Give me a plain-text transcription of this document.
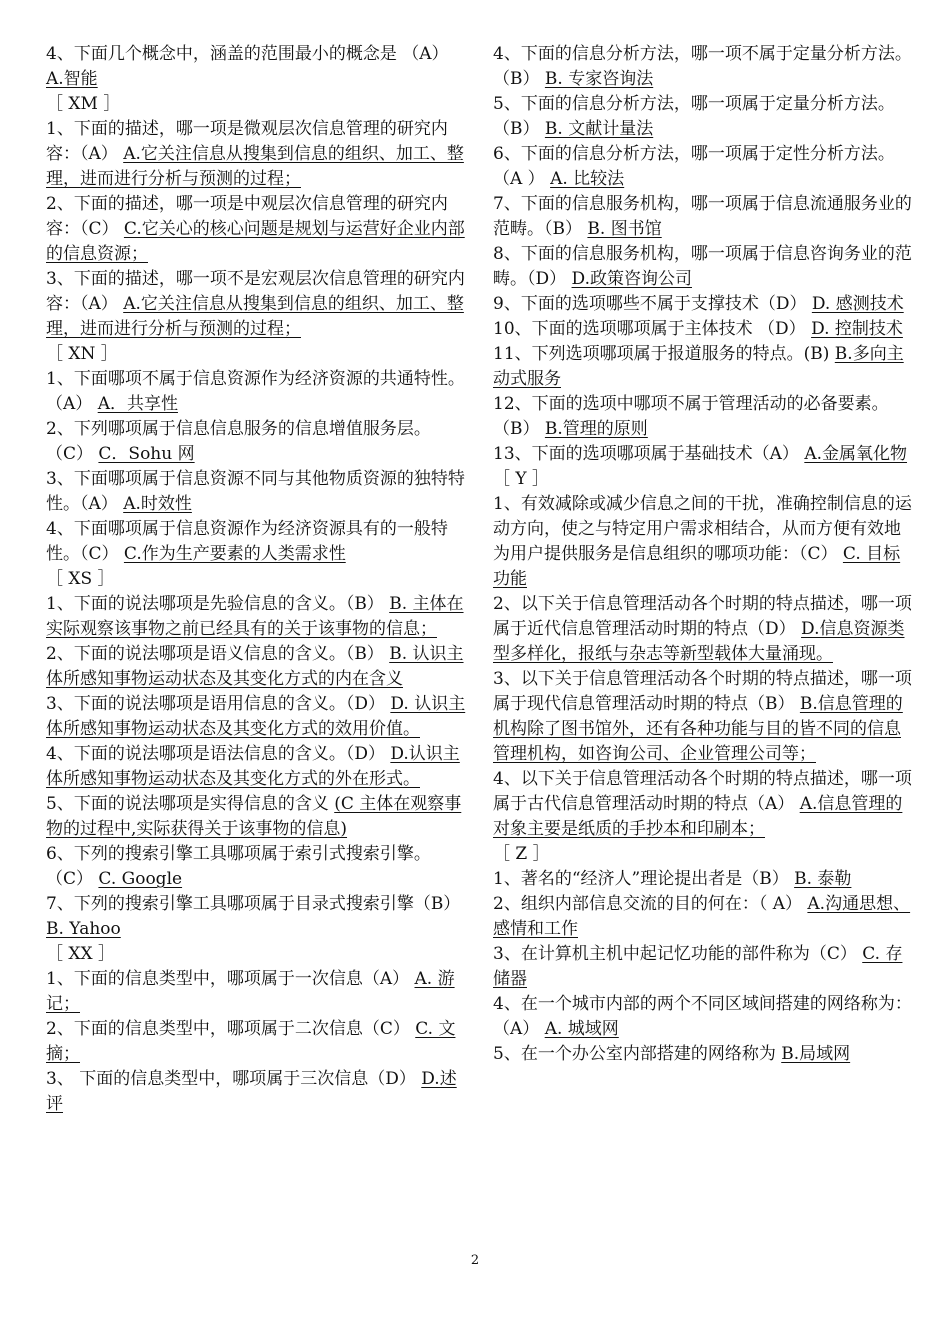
4、下面几个概念中，涵盖的范围最小的概念是 （A） A.智能
［ XM ］
1、下面的描述，哪一项是微观层次信息管理的研究内容：（A） A.它关注信息从搜集到信息的组织、加工、整理，进而进行分析与预测的过程；
2、下面的描述，哪一项是中观层次信息管理的研究内容：（C） C.它关心的核心问题是规划与运营好企业内部的信息资源；
3、下面的描述，哪一项不是宏观层次信息管理的研究内容：（A） A.它关注信息从搜集到信息的组织、加工、整理，进而进行分析与预测的过程；
［ XN ］
1、下面哪项不属于信息资源作为经济资源的共通特性。（A） A．共享性
2、下列哪项属于信息信息服务的信息增值服务层。（C） C．Sohu 网
3、下面哪项属于信息资源不同与其他物质资源的独特特性。（A） A.时效性
4、下面哪项属于信息资源作为经济资源具有的一般特性。（C） C.作为生产要素的人类需求性
［ XS ］
1、下面的说法哪项是先验信息的含义。（B） B. 主体在实际观察该事物之前已经具有的关于该事物的信息；
2、下面的说法哪项是语义信息的含义。（B） B. 认识主体所感知事物运动状态及其变化方式的内在含义
3、下面的说法哪项是语用信息的含义。（D） D. 认识主体所感知事物运动状态及其变化方式的效用价值。
4、下面的说法哪项是语法信息的含义。（D） D.认识主体所感知事物运动状态及其变化方式的外在形式。
5、下面的说法哪项是实得信息的含义 (C 主体在观察事物的过程中,实际获得关于该事物的信息)
6、下列的搜索引擎工具哪项属于索引式搜索引擎。（C） C. Google
7、下列的搜索引擎工具哪项属于目录式搜索引擎（B） B. Yahoo
［ XX ］
1、下面的信息类型中，哪项属于一次信息（A） A. 游记；
2、下面的信息类型中，哪项属于二次信息（C） C. 文摘；
3、 下面的信息类型中，哪项属于三次信息（D） D.述评
4、下面的信息分析方法，哪一项不属于定量分析方法。（B） B. 专家咨询法
5、下面的信息分析方法，哪一项属于定量分析方法。（B） B. 文献计量法
6、下面的信息分析方法，哪一项属于定性分析方法。（A ） A. 比较法
7、下面的信息服务机构，哪一项属于信息流通服务业的范畴。（B） B. 图书馆
8、下面的信息服务机构，哪一项属于信息咨询务业的范畴。（D） D.政策咨询公司
9、下面的选项哪些不属于支撑技术（D） D. 感测技术
10、下面的选项哪项属于主体技术 （D） D. 控制技术
11、下列选项哪项属于报道服务的特点。(B) B.多向主动式服务
12、下面的选项中哪项不属于管理活动的必备要素。（B） B.管理的原则
13、下面的选项哪项属于基础技术（A） A.金属氧化物
［ Y ］
1、有效减除或减少信息之间的干扰，准确控制信息的运动方向，使之与特定用户需求相结合，从而方便有效地为用户提供服务是信息组织的哪项功能：（C） C. 目标功能
2、以下关于信息管理活动各个时期的特点描述，哪一项属于近代信息管理活动时期的特点（D） D.信息资源类型多样化，报纸与杂志等新型载体大量涌现。
3、以下关于信息管理活动各个时期的特点描述，哪一项属于现代信息管理活动时期的特点（B） B.信息管理的机构除了图书馆外，还有各种功能与目的皆不同的信息管理机构，如咨询公司、企业管理公司等；
4、以下关于信息管理活动各个时期的特点描述，哪一项属于古代信息管理活动时期的特点（A） A.信息管理的对象主要是纸质的手抄本和印刷本；
［ Z ］
1、著名的“经济人”理论提出者是（B） B. 泰勒
2、组织内部信息交流的目的何在：（ A） A.沟通思想、感情和工作
3、在计算机主机中起记忆功能的部件称为（C） C. 存储器
4、在一个城市内部的两个不同区域间搭建的网络称为：（A） A. 城域网
5、在一个办公室内部搭建的网络称为 B.局域网
2
